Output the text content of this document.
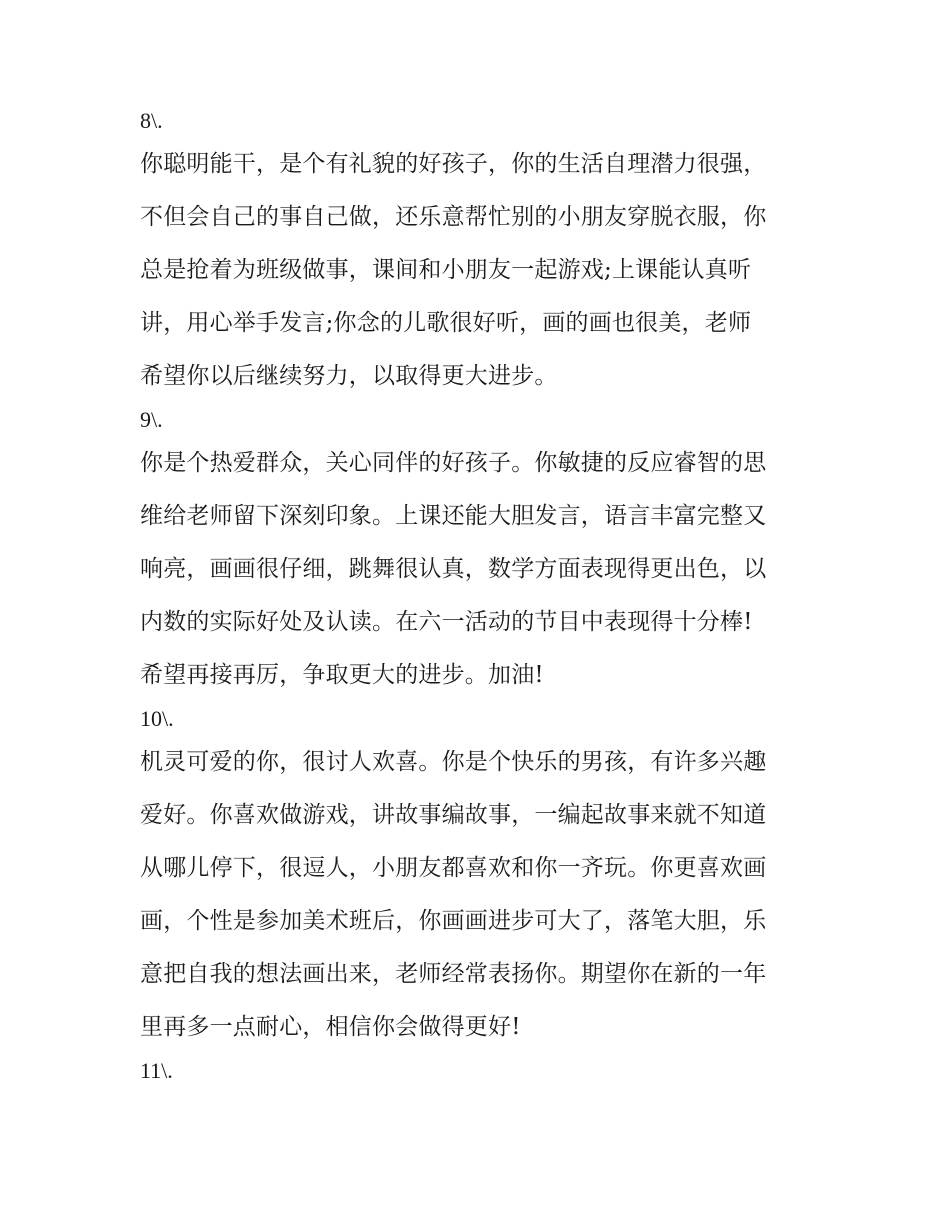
8\.

你聪明能干，是个有礼貌的好孩子，你的生活自理潜力很强，

不但会自己的事自己做，还乐意帮忙别的小朋友穿脱衣服，你

总是抢着为班级做事，课间和小朋友一起游戏;上课能认真听

讲，用心举手发言;你念的儿歌很好听，画的画也很美，老师

希望你以后继续努力，以取得更大进步。

9\.

你是个热爱群众，关心同伴的好孩子。你敏捷的反应睿智的思

维给老师留下深刻印象。上课还能大胆发言，语言丰富完整又

响亮，画画很仔细，跳舞很认真，数学方面表现得更出色，以

内数的实际好处及认读。在六一活动的节目中表现得十分棒!

希望再接再厉，争取更大的进步。加油!

10\.

机灵可爱的你，很讨人欢喜。你是个快乐的男孩，有许多兴趣

爱好。你喜欢做游戏，讲故事编故事，一编起故事来就不知道

从哪儿停下，很逗人，小朋友都喜欢和你一齐玩。你更喜欢画

画，个性是参加美术班后，你画画进步可大了，落笔大胆，乐

意把自我的想法画出来，老师经常表扬你。期望你在新的一年

里再多一点耐心，相信你会做得更好!

11\.
